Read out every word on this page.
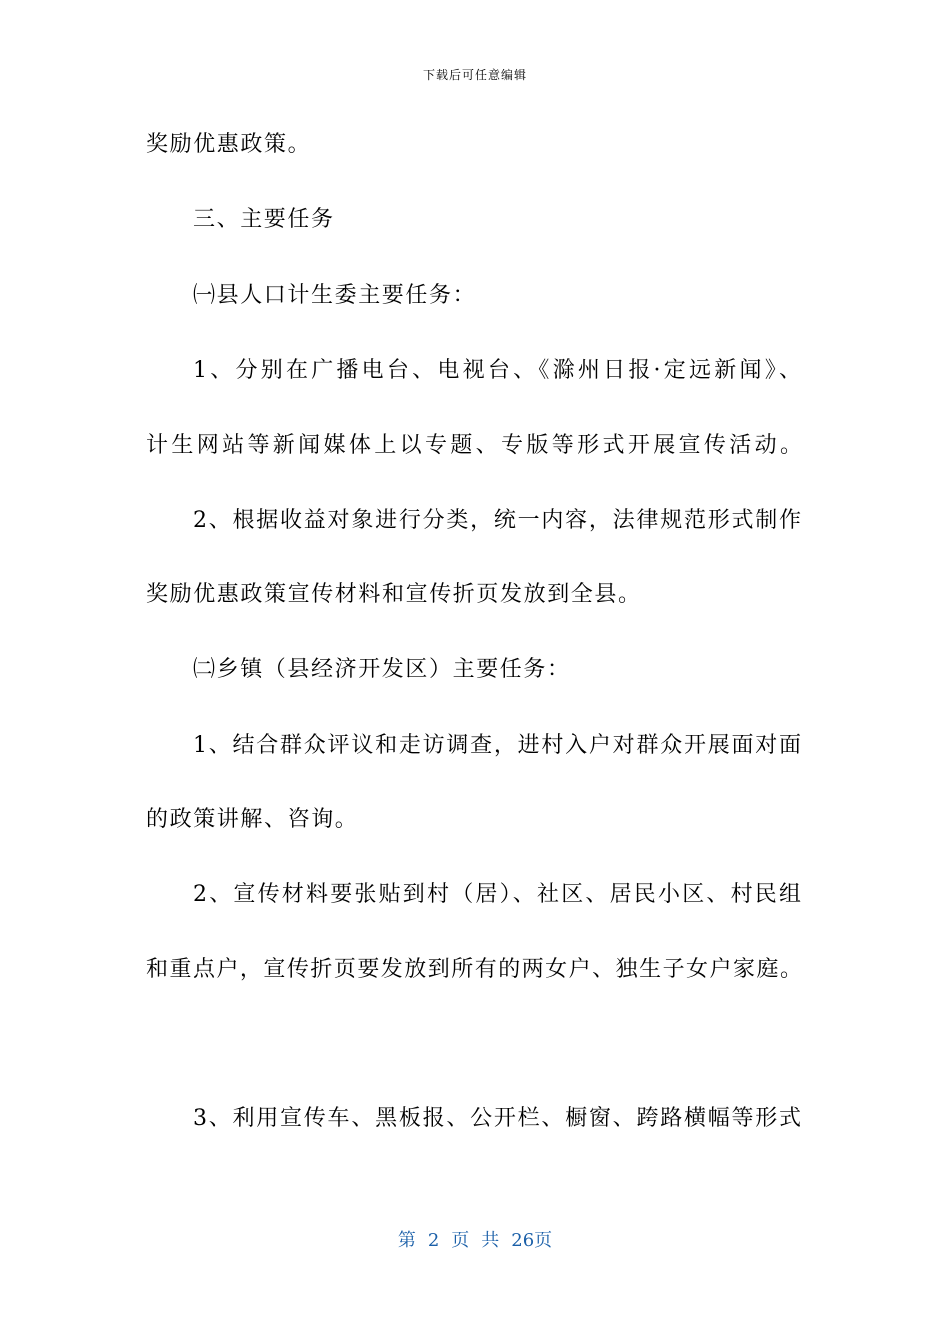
下载后可任意编辑
奖励优惠政策。
三、主要任务
㈠县人口计生委主要任务：
1、分别在广播电台、电视台、《滁州日报·定远新闻》、
计生网站等新闻媒体上以专题、专版等形式开展宣传活动。
2、根据收益对象进行分类，统一内容，法律规范形式制作
奖励优惠政策宣传材料和宣传折页发放到全县。
㈡乡镇（县经济开发区）主要任务：
1、结合群众评议和走访调查，进村入户对群众开展面对面
的政策讲解、咨询。
2、宣传材料要张贴到村（居）、社区、居民小区、村民组
和重点户，宣传折页要发放到所有的两女户、独生子女户家庭。
3、利用宣传车、黑板报、公开栏、橱窗、跨路横幅等形式
第 2 页 共 26页
